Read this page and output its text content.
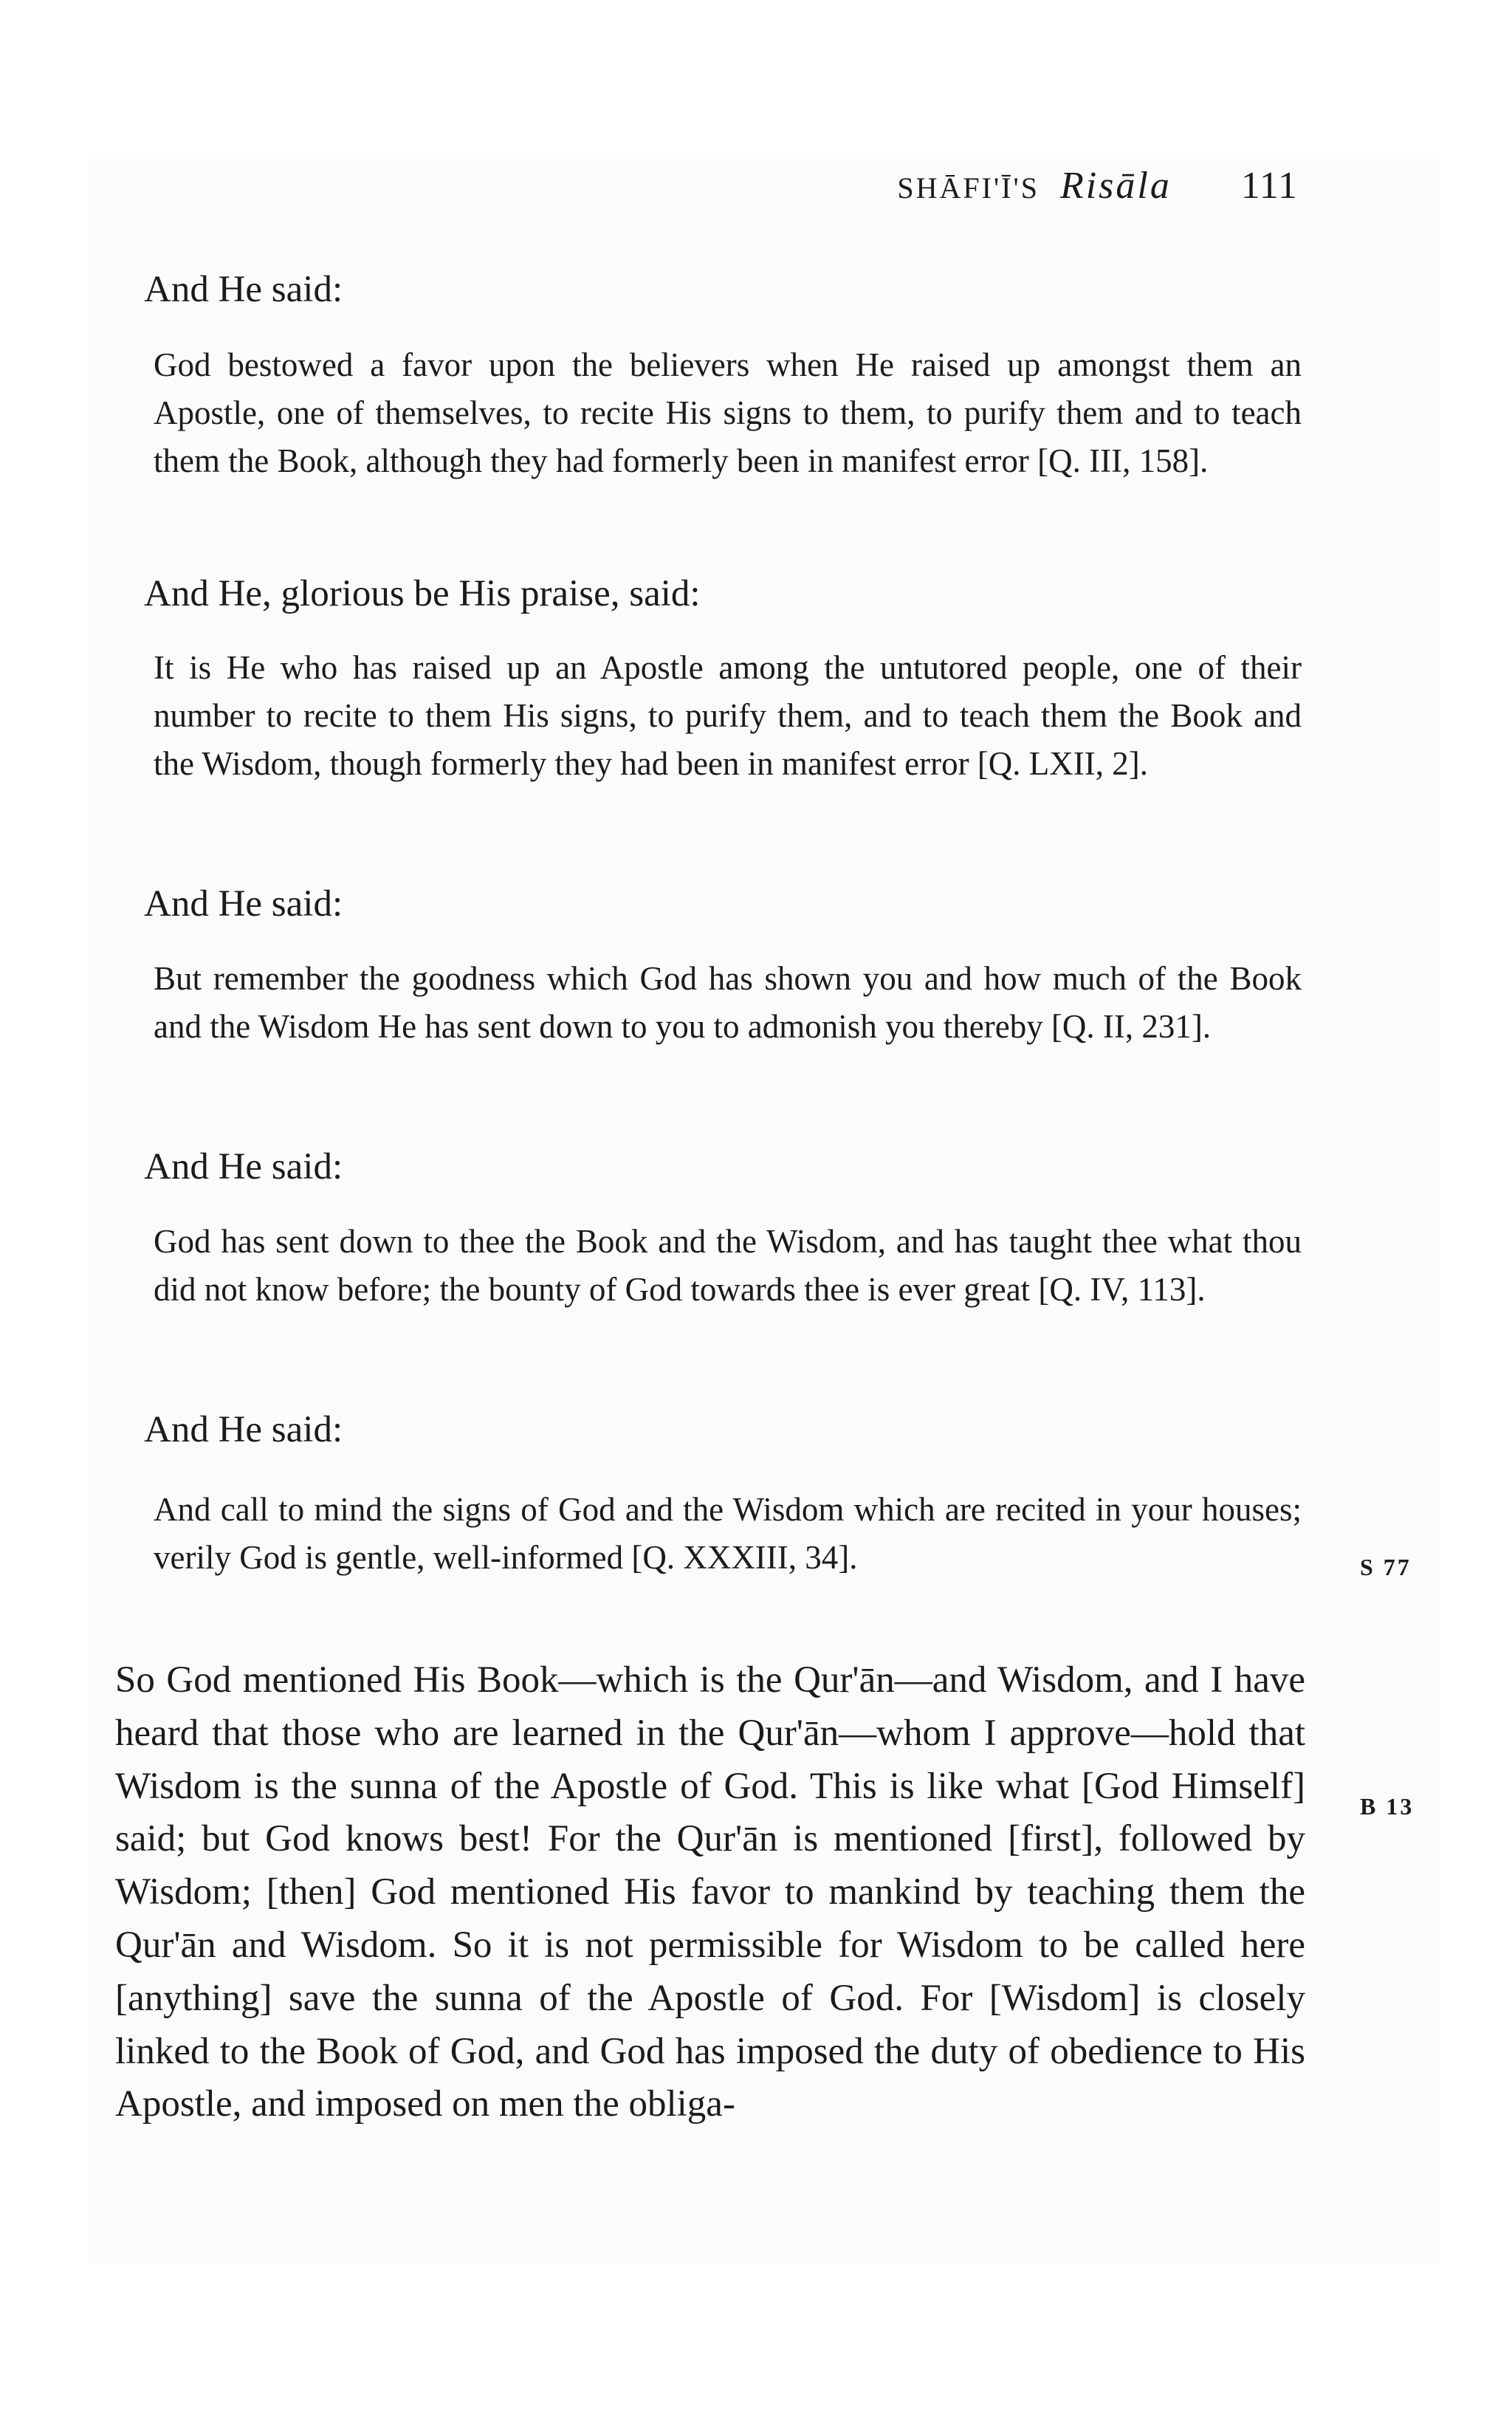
SHĀFI'Ī'S Risāla 111
And He said:
God bestowed a favor upon the believers when He raised up amongst them an Apostle, one of themselves, to recite His signs to them, to purify them and to teach them the Book, although they had formerly been in manifest error [Q. III, 158].
And He, glorious be His praise, said:
It is He who has raised up an Apostle among the untutored people, one of their number to recite to them His signs, to purify them, and to teach them the Book and the Wisdom, though formerly they had been in manifest error [Q. LXII, 2].
And He said:
But remember the goodness which God has shown you and how much of the Book and the Wisdom He has sent down to you to admonish you thereby [Q. II, 231].
And He said:
God has sent down to thee the Book and the Wisdom, and has taught thee what thou did not know before; the bounty of God towards thee is ever great [Q. IV, 113].
And He said:
And call to mind the signs of God and the Wisdom which are recited in your houses; verily God is gentle, well-informed [Q. XXXIII, 34].
So God mentioned His Book—which is the Qur'ān—and Wisdom, and I have heard that those who are learned in the Qur'ān—whom I approve—hold that Wisdom is the sunna of the Apostle of God. This is like what [God Himself] said; but God knows best! For the Qur'ān is mentioned [first], followed by Wisdom; [then] God mentioned His favor to mankind by teaching them the Qur'ān and Wisdom. So it is not permissible for Wisdom to be called here [anything] save the sunna of the Apostle of God. For [Wisdom] is closely linked to the Book of God, and God has imposed the duty of obedience to His Apostle, and imposed on men the obliga-
S 77
B 13
